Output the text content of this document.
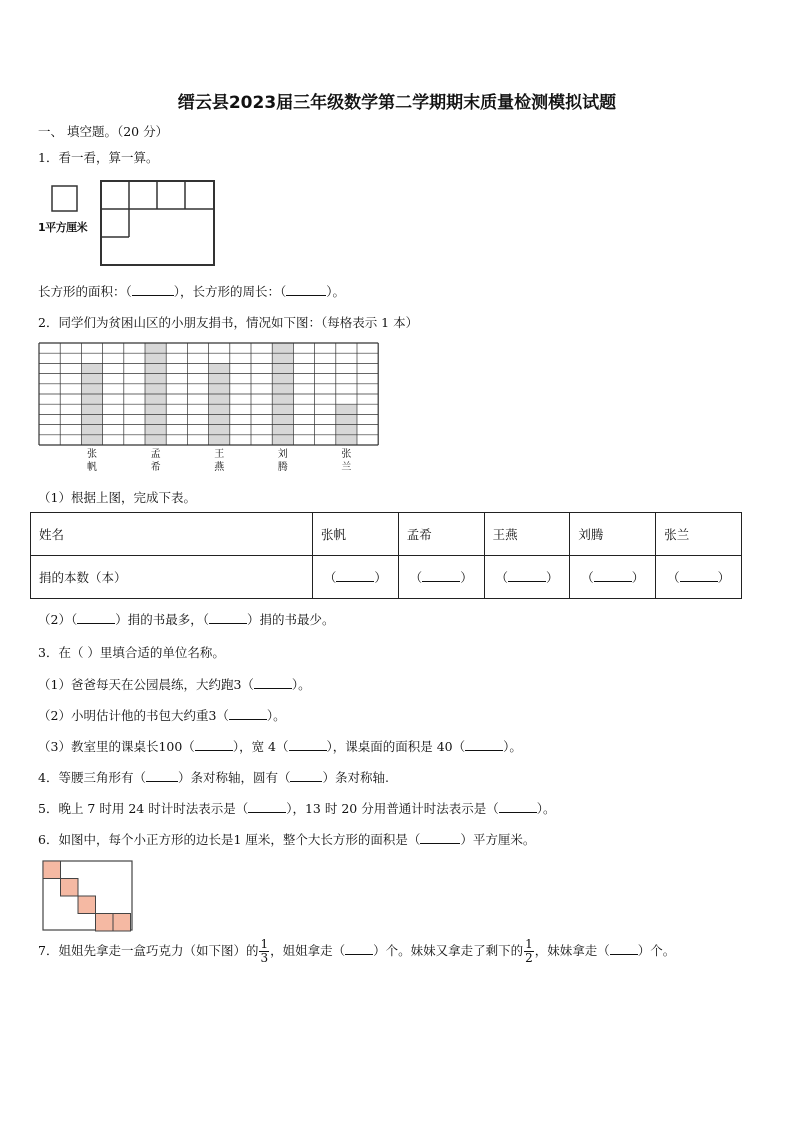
缙云县2023届三年级数学第二学期期末质量检测模拟试题
一、 填空题。（20 分）
1．看一看，算一算。
1平方厘米
长方形的面积：（	），长方形的周长：（	）。
2．同学们为贫困山区的小朋友捐书，情况如下图：（每格表示 1 本）
张
帆
孟
希
王
燕
刘
腾
张
兰
（1）根据上图，完成下表。
姓名	张帆	孟希	王燕	刘腾	张兰
捐的本数（本）	（ ）	（ ）	（ ）	（ ）	（ ）
（2）（	）捐的书最多，（	）捐的书最少。
3．在（ ）里填合适的单位名称。
（1）爸爸每天在公园晨练，大约跑3（	）。
（2）小明估计他的书包大约重3（	）。
（3）教室里的课桌长100（	），宽 4（	），课桌面的面积是 40（	）。
4．等腰三角形有（	）条对称轴，圆有（	）条对称轴.
5．晚上 7 时用 24 时计时法表示是（	），13 时 20 分用普通计时法表示是（	）。
6．如图中，每个小正方形的边长是1 厘米，整个大长方形的面积是（	）平方厘米。
7．姐姐先拿走一盒巧克力（如下图）的 $\frac{1}{3}$ ，姐姐拿走（ ）个。妹妹又拿走了剩下的 $\frac{1}{2}$ ，妹妹拿走（ ）个。
